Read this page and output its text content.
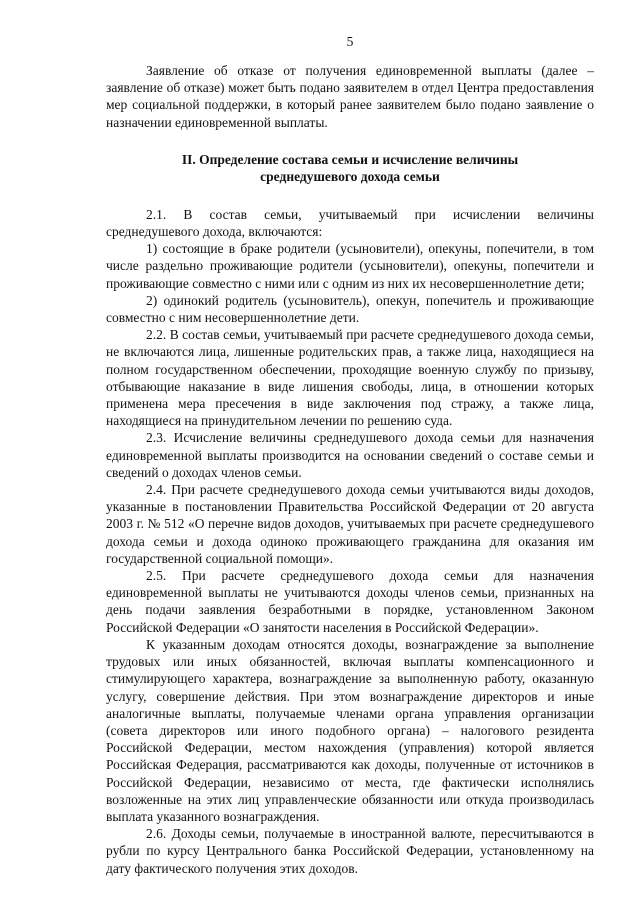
5

Заявление об отказе от получения единовременной выплаты (далее – заявление об отказе) может быть подано заявителем в отдел Центра предоставления мер социальной поддержки, в который ранее заявителем было подано заявление о назначении единовременной выплаты.

II. Определение состава семьи и исчисление величины
среднедушевого дохода семьи

2.1. В состав семьи, учитываемый при исчислении величины среднедушевого дохода, включаются:

1) состоящие в браке родители (усыновители), опекуны, попечители, в том числе раздельно проживающие родители (усыновители), опекуны, попечители и проживающие совместно с ними или с одним из них их несовершеннолетние дети;

2) одинокий родитель (усыновитель), опекун, попечитель и проживающие совместно с ним несовершеннолетние дети.

2.2. В состав семьи, учитываемый при расчете среднедушевого дохода семьи, не включаются лица, лишенные родительских прав, а также лица, находящиеся на полном государственном обеспечении, проходящие военную службу по призыву, отбывающие наказание в виде лишения свободы, лица, в отношении которых применена мера пресечения в виде заключения под стражу, а также лица, находящиеся на принудительном лечении по решению суда.

2.3. Исчисление величины среднедушевого дохода семьи для назначения единовременной выплаты производится на основании сведений о составе семьи и сведений о доходах членов семьи.

2.4. При расчете среднедушевого дохода семьи учитываются виды доходов, указанные в постановлении Правительства Российской Федерации от 20 августа 2003 г. № 512 «О перечне видов доходов, учитываемых при расчете среднедушевого дохода семьи и дохода одиноко проживающего гражданина для оказания им государственной социальной помощи».

2.5. При расчете среднедушевого дохода семьи для назначения единовременной выплаты не учитываются доходы членов семьи, признанных на день подачи заявления безработными в порядке, установленном Законом Российской Федерации «О занятости населения в Российской Федерации».

К указанным доходам относятся доходы, вознаграждение за выполнение трудовых или иных обязанностей, включая выплаты компенсационного и стимулирующего характера, вознаграждение за выполненную работу, оказанную услугу, совершение действия. При этом вознаграждение директоров и иные аналогичные выплаты, получаемые членами органа управления организации (совета директоров или иного подобного органа) – налогового резидента Российской Федерации, местом нахождения (управления) которой является Российская Федерация, рассматриваются как доходы, полученные от источников в Российской Федерации, независимо от места, где фактически исполнялись возложенные на этих лиц управленческие обязанности или откуда производилась выплата указанного вознаграждения.

2.6. Доходы семьи, получаемые в иностранной валюте, пересчитываются в рубли по курсу Центрального банка Российской Федерации, установленному на дату фактического получения этих доходов.
